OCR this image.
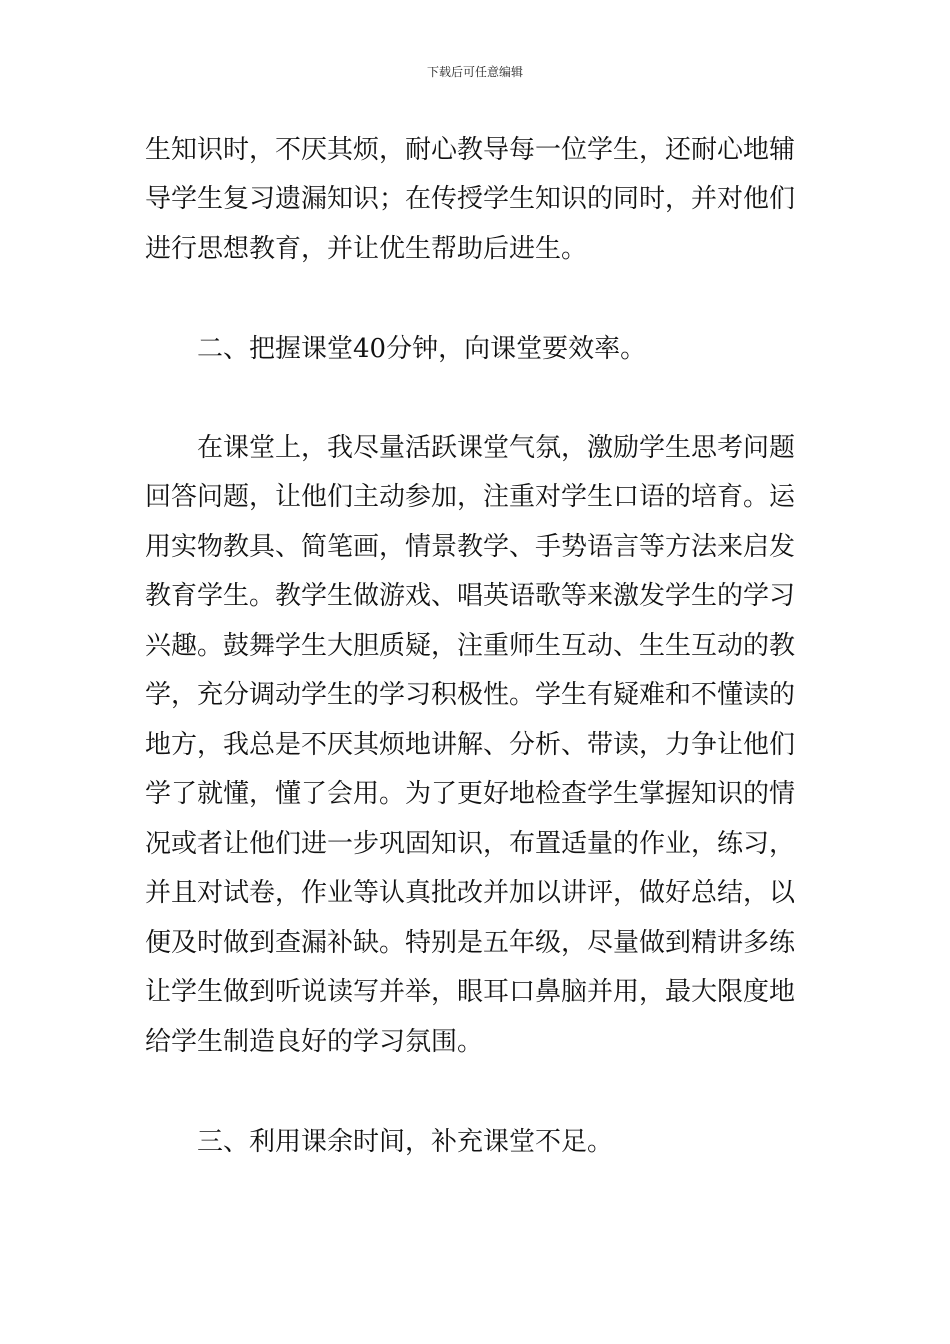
下载后可任意编辑
生知识时，不厌其烦，耐心教导每一位学生，还耐心地辅
导学生复习遗漏知识；在传授学生知识的同时，并对他们
进行思想教育，并让优生帮助后进生。
二、把握课堂40分钟，向课堂要效率。
在课堂上，我尽量活跃课堂气氛，激励学生思考问题
回答问题，让他们主动参加，注重对学生口语的培育。运
用实物教具、简笔画，情景教学、手势语言等方法来启发
教育学生。教学生做游戏、唱英语歌等来激发学生的学习
兴趣。鼓舞学生大胆质疑，注重师生互动、生生互动的教
学，充分调动学生的学习积极性。学生有疑难和不懂读的
地方，我总是不厌其烦地讲解、分析、带读，力争让他们
学了就懂，懂了会用。为了更好地检查学生掌握知识的情
况或者让他们进一步巩固知识，布置适量的作业，练习，
并且对试卷，作业等认真批改并加以讲评，做好总结，以
便及时做到查漏补缺。特别是五年级，尽量做到精讲多练
让学生做到听说读写并举，眼耳口鼻脑并用，最大限度地
给学生制造良好的学习氛围。
三、利用课余时间，补充课堂不足。
